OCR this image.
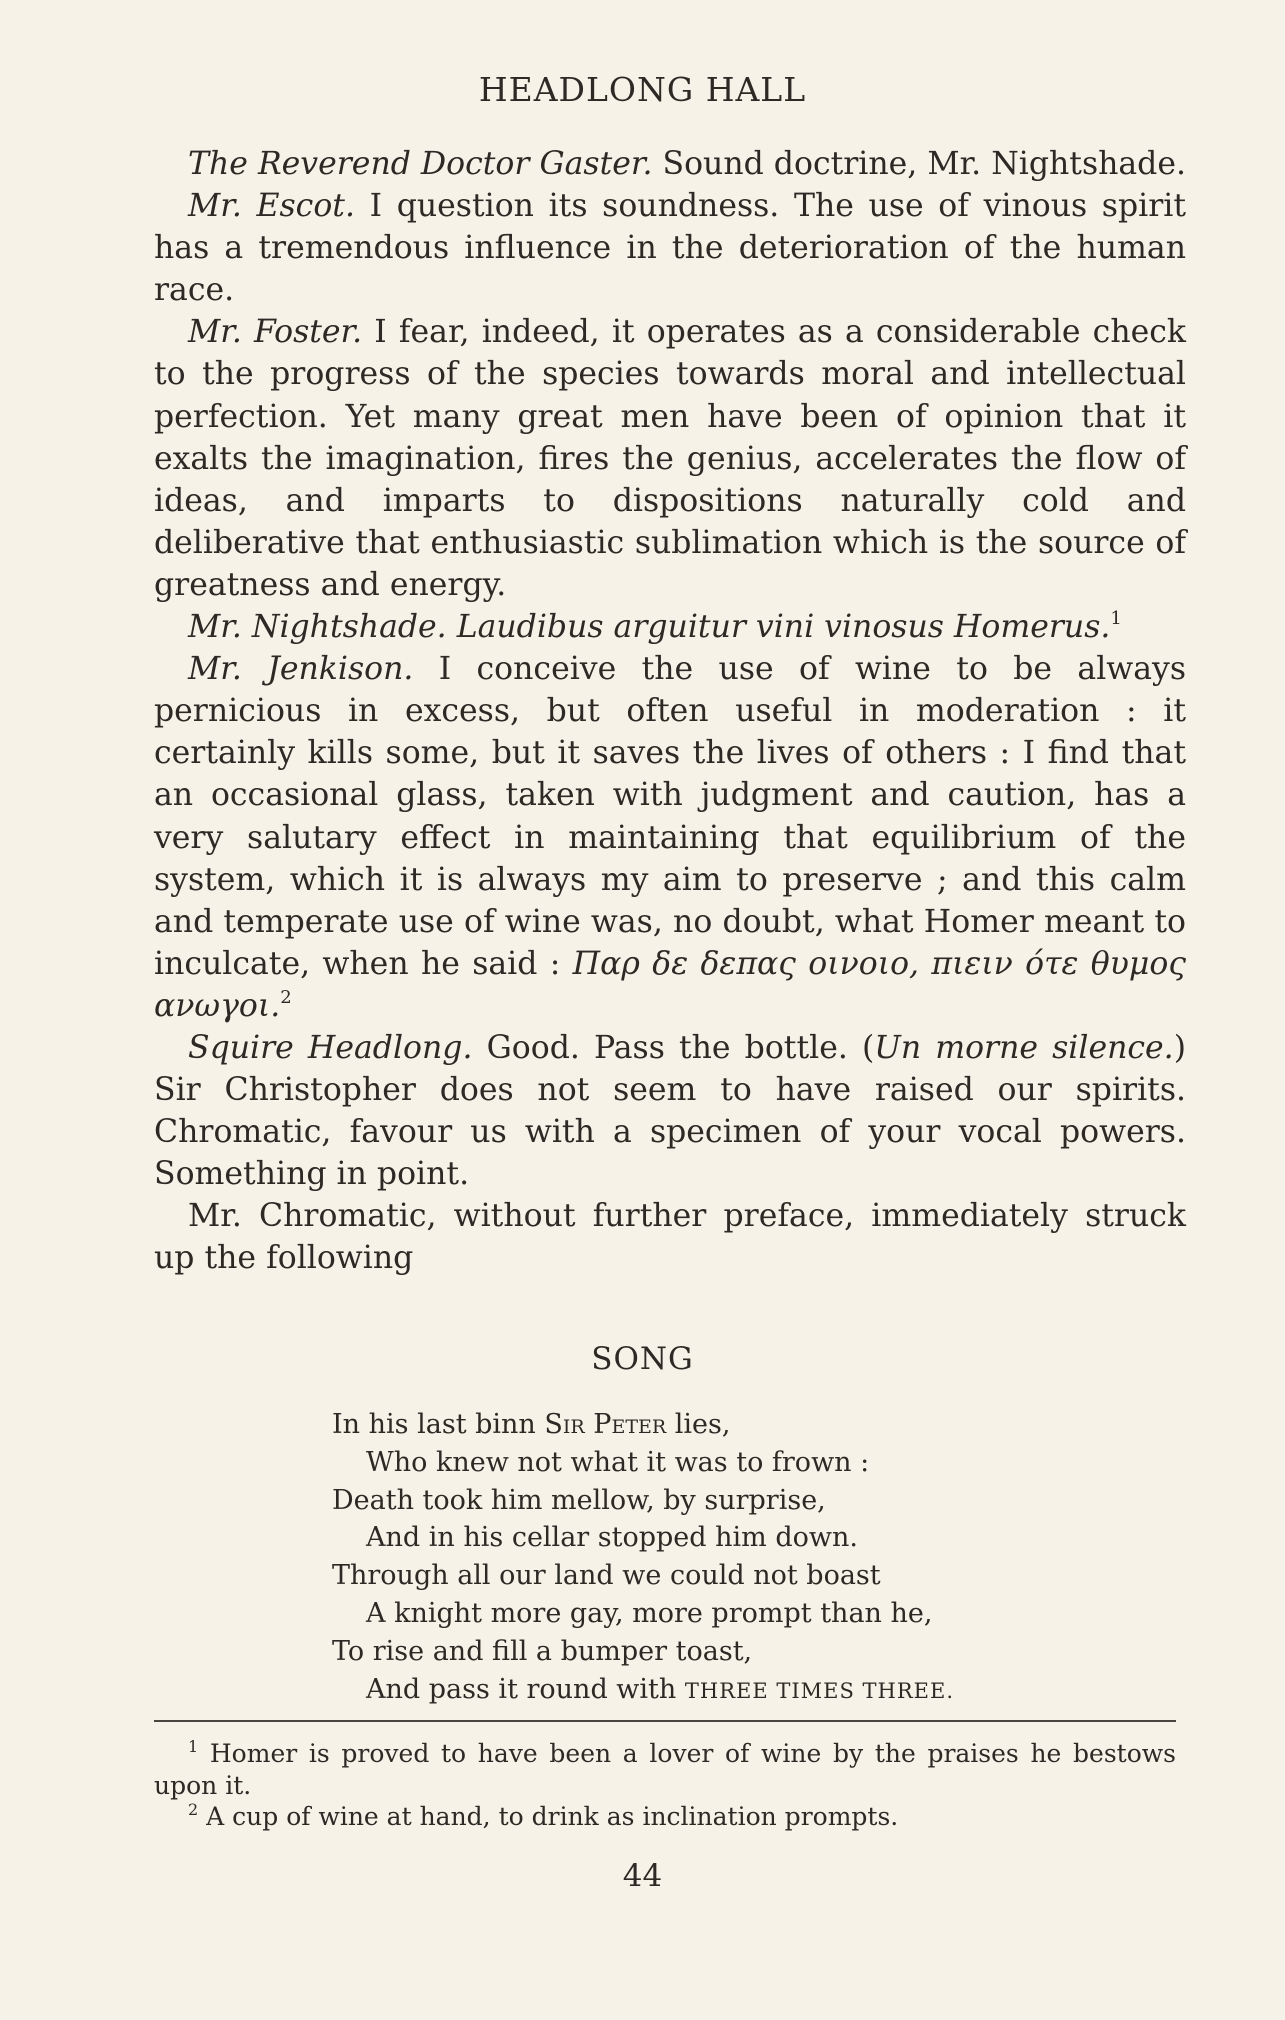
HEADLONG HALL

The Reverend Doctor Gaster. Sound doctrine, Mr. Nightshade.

Mr. Escot. I question its soundness. The use of vinous spirit has a tremendous influence in the deterioration of the human race.

Mr. Foster. I fear, indeed, it operates as a considerable check to the progress of the species towards moral and intellectual perfection. Yet many great men have been of opinion that it exalts the imagination, fires the genius, accelerates the flow of ideas, and imparts to dispositions naturally cold and deliberative that enthusiastic sublimation which is the source of greatness and energy.

Mr. Nightshade. Laudibus arguitur vini vinosus Homerus.$^1$

Mr. Jenkison. I conceive the use of wine to be always pernicious in excess, but often useful in moderation : it certainly kills some, but it saves the lives of others : I find that an occasional glass, taken with judgment and caution, has a very salutary effect in maintaining that equilibrium of the system, which it is always my aim to preserve ; and this calm and temperate use of wine was, no doubt, what Homer meant to inculcate, when he said : Παρ δε δεπας οινοιο, πιειν ότε θυμος ανωγοι.$^2$

Squire Headlong. Good. Pass the bottle. (Un morne silence.) Sir Christopher does not seem to have raised our spirits. Chromatic, favour us with a specimen of your vocal powers. Something in point.

Mr. Chromatic, without further preface, immediately struck up the following

SONG
In his last binn Sir Peter lies,
Who knew not what it was to frown :
Death took him mellow, by surprise,
And in his cellar stopped him down.
Through all our land we could not boast
A knight more gay, more prompt than he,
To rise and fill a bumper toast,
And pass it round with THREE TIMES THREE.

$^1$ Homer is proved to have been a lover of wine by the praises he bestows upon it.

$^2$ A cup of wine at hand, to drink as inclination prompts.

44
